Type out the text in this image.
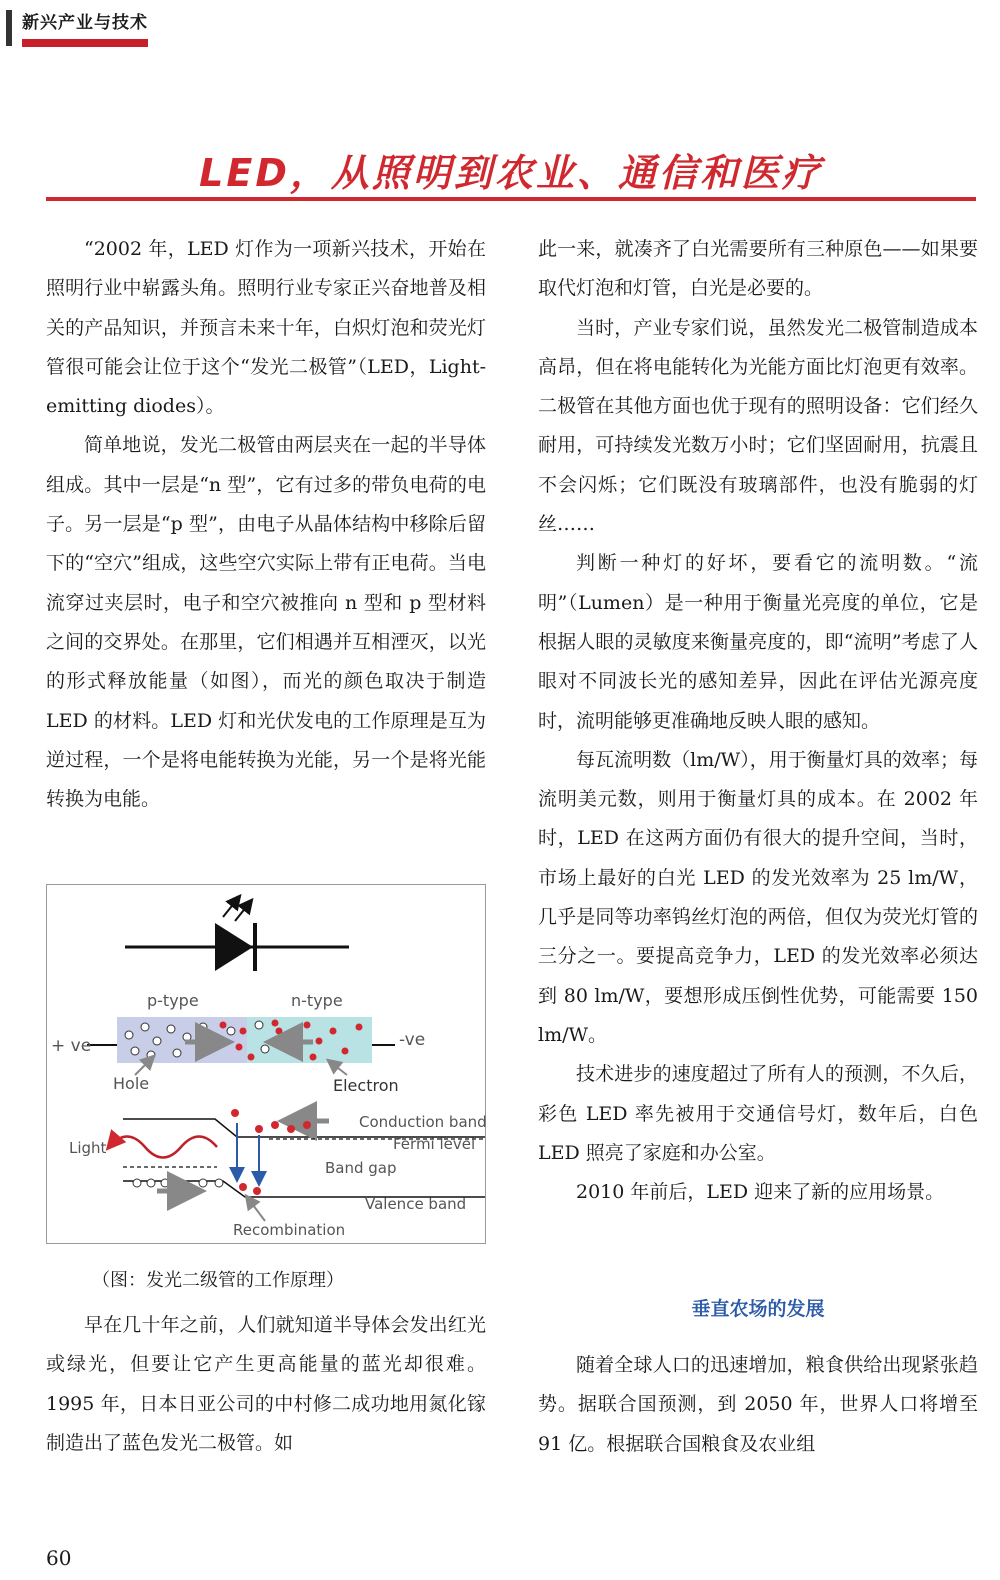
新兴产业与技术
LED，从照明到农业、通信和医疗

“2002 年，LED 灯作为一项新兴技术，开始在照明行业中崭露头角。照明行业专家正兴奋地普及相关的产品知识，并预言未来十年，白炽灯泡和荧光灯管很可能会让位于这个“发光二极管”（LED，Light-emitting diodes）。

简单地说，发光二极管由两层夹在一起的半导体组成。其中一层是“n 型”，它有过多的带负电荷的电子。另一层是“p 型”，由电子从晶体结构中移除后留下的“空穴”组成，这些空穴实际上带有正电荷。当电流穿过夹层时，电子和空穴被推向 n 型和 p 型材料之间的交界处。在那里，它们相遇并互相湮灭，以光的形式释放能量（如图），而光的颜色取决于制造 LED 的材料。LED 灯和光伏发电的工作原理是互为逆过程，一个是将电能转换为光能，另一个是将光能转换为电能。

p-type	n-type
+ ve	-ve
Hole	Electron
Conduction band
Fermi level
Band gap
Valence band
Light
Recombination
（图：发光二级管的工作原理）

早在几十年之前，人们就知道半导体会发出红光或绿光，但要让它产生更高能量的蓝光却很难。1995 年，日本日亚公司的中村修二成功地用氮化镓制造出了蓝色发光二极管。如

此一来，就凑齐了白光需要所有三种原色——如果要取代灯泡和灯管，白光是必要的。

当时，产业专家们说，虽然发光二极管制造成本高昂，但在将电能转化为光能方面比灯泡更有效率。二极管在其他方面也优于现有的照明设备：它们经久耐用，可持续发光数万小时；它们坚固耐用，抗震且不会闪烁；它们既没有玻璃部件，也没有脆弱的灯丝……

判断一种灯的好坏，要看它的流明数。“流明”（Lumen）是一种用于衡量光亮度的单位，它是根据人眼的灵敏度来衡量亮度的，即“流明”考虑了人眼对不同波长光的感知差异，因此在评估光源亮度时，流明能够更准确地反映人眼的感知。

每瓦流明数（lm/W），用于衡量灯具的效率；每流明美元数，则用于衡量灯具的成本。在 2002 年时，LED 在这两方面仍有很大的提升空间，当时，市场上最好的白光 LED 的发光效率为 25 lm/W，几乎是同等功率钨丝灯泡的两倍，但仅为荧光灯管的三分之一。要提高竞争力，LED 的发光效率必须达到 80 lm/W，要想形成压倒性优势，可能需要 150 lm/W。

技术进步的速度超过了所有人的预测，不久后，彩色 LED 率先被用于交通信号灯，数年后，白色 LED 照亮了家庭和办公室。

2010 年前后，LED 迎来了新的应用场景。

垂直农场的发展

随着全球人口的迅速增加，粮食供给出现紧张趋势。据联合国预测，到 2050 年，世界人口将增至 91 亿。根据联合国粮食及农业组

60
